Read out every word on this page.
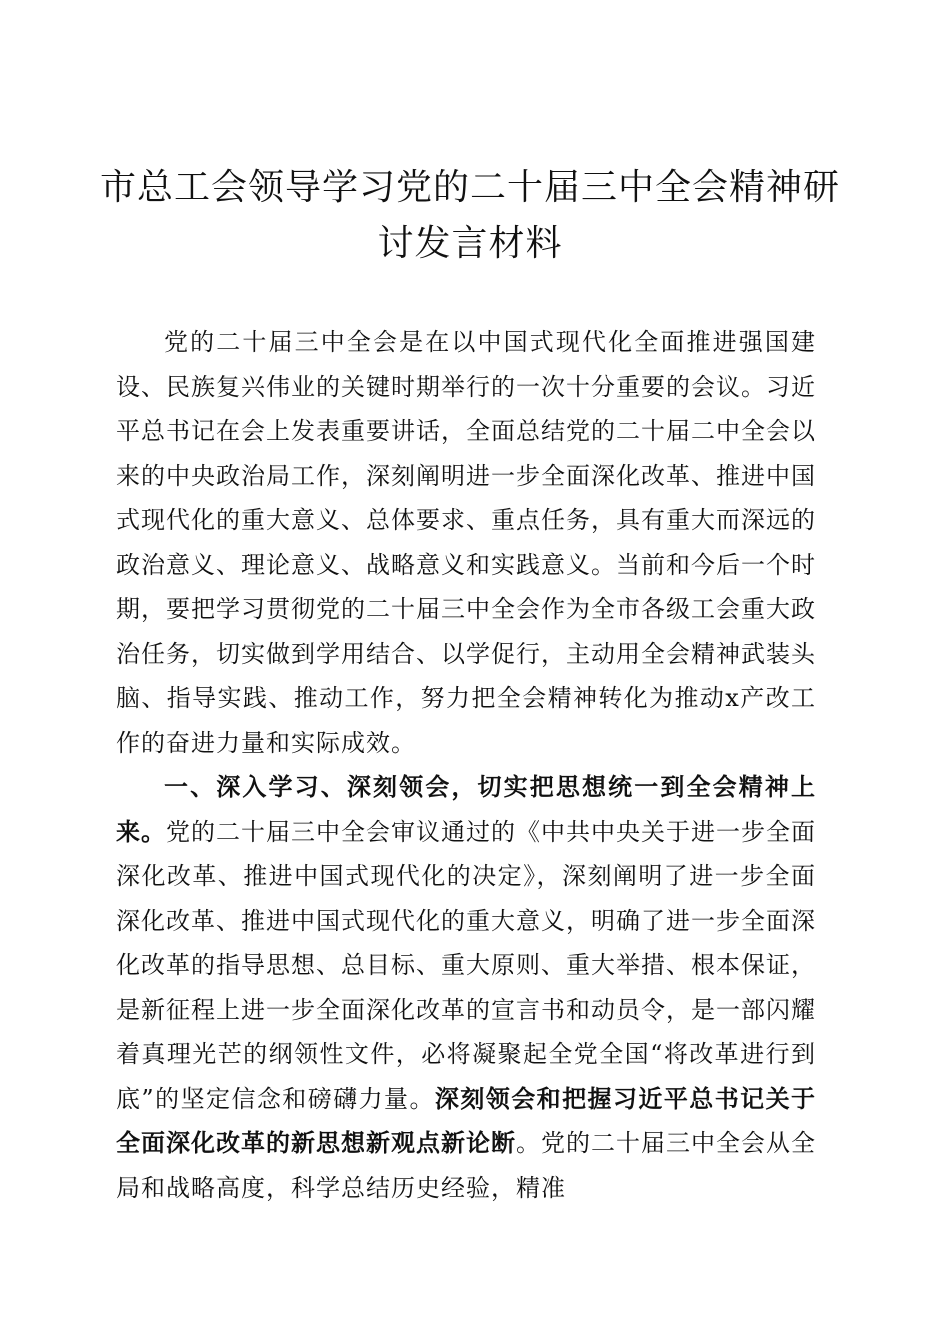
市总工会领导学习党的二十届三中全会精神研讨发言材料

党的二十届三中全会是在以中国式现代化全面推进强国建设、民族复兴伟业的关键时期举行的一次十分重要的会议。习近平总书记在会上发表重要讲话，全面总结党的二十届二中全会以来的中央政治局工作，深刻阐明进一步全面深化改革、推进中国式现代化的重大意义、总体要求、重点任务，具有重大而深远的政治意义、理论意义、战略意义和实践意义。当前和今后一个时期，要把学习贯彻党的二十届三中全会作为全市各级工会重大政治任务，切实做到学用结合、以学促行，主动用全会精神武装头脑、指导实践、推动工作，努力把全会精神转化为推动x产改工作的奋进力量和实际成效。

一、深入学习、深刻领会，切实把思想统一到全会精神上来。党的二十届三中全会审议通过的《中共中央关于进一步全面深化改革、推进中国式现代化的决定》，深刻阐明了进一步全面深化改革、推进中国式现代化的重大意义，明确了进一步全面深化改革的指导思想、总目标、重大原则、重大举措、根本保证，是新征程上进一步全面深化改革的宣言书和动员令，是一部闪耀着真理光芒的纲领性文件，必将凝聚起全党全国“将改革进行到底”的坚定信念和磅礴力量。深刻领会和把握习近平总书记关于全面深化改革的新思想新观点新论断。党的二十届三中全会从全局和战略高度，科学总结历史经验，精准
